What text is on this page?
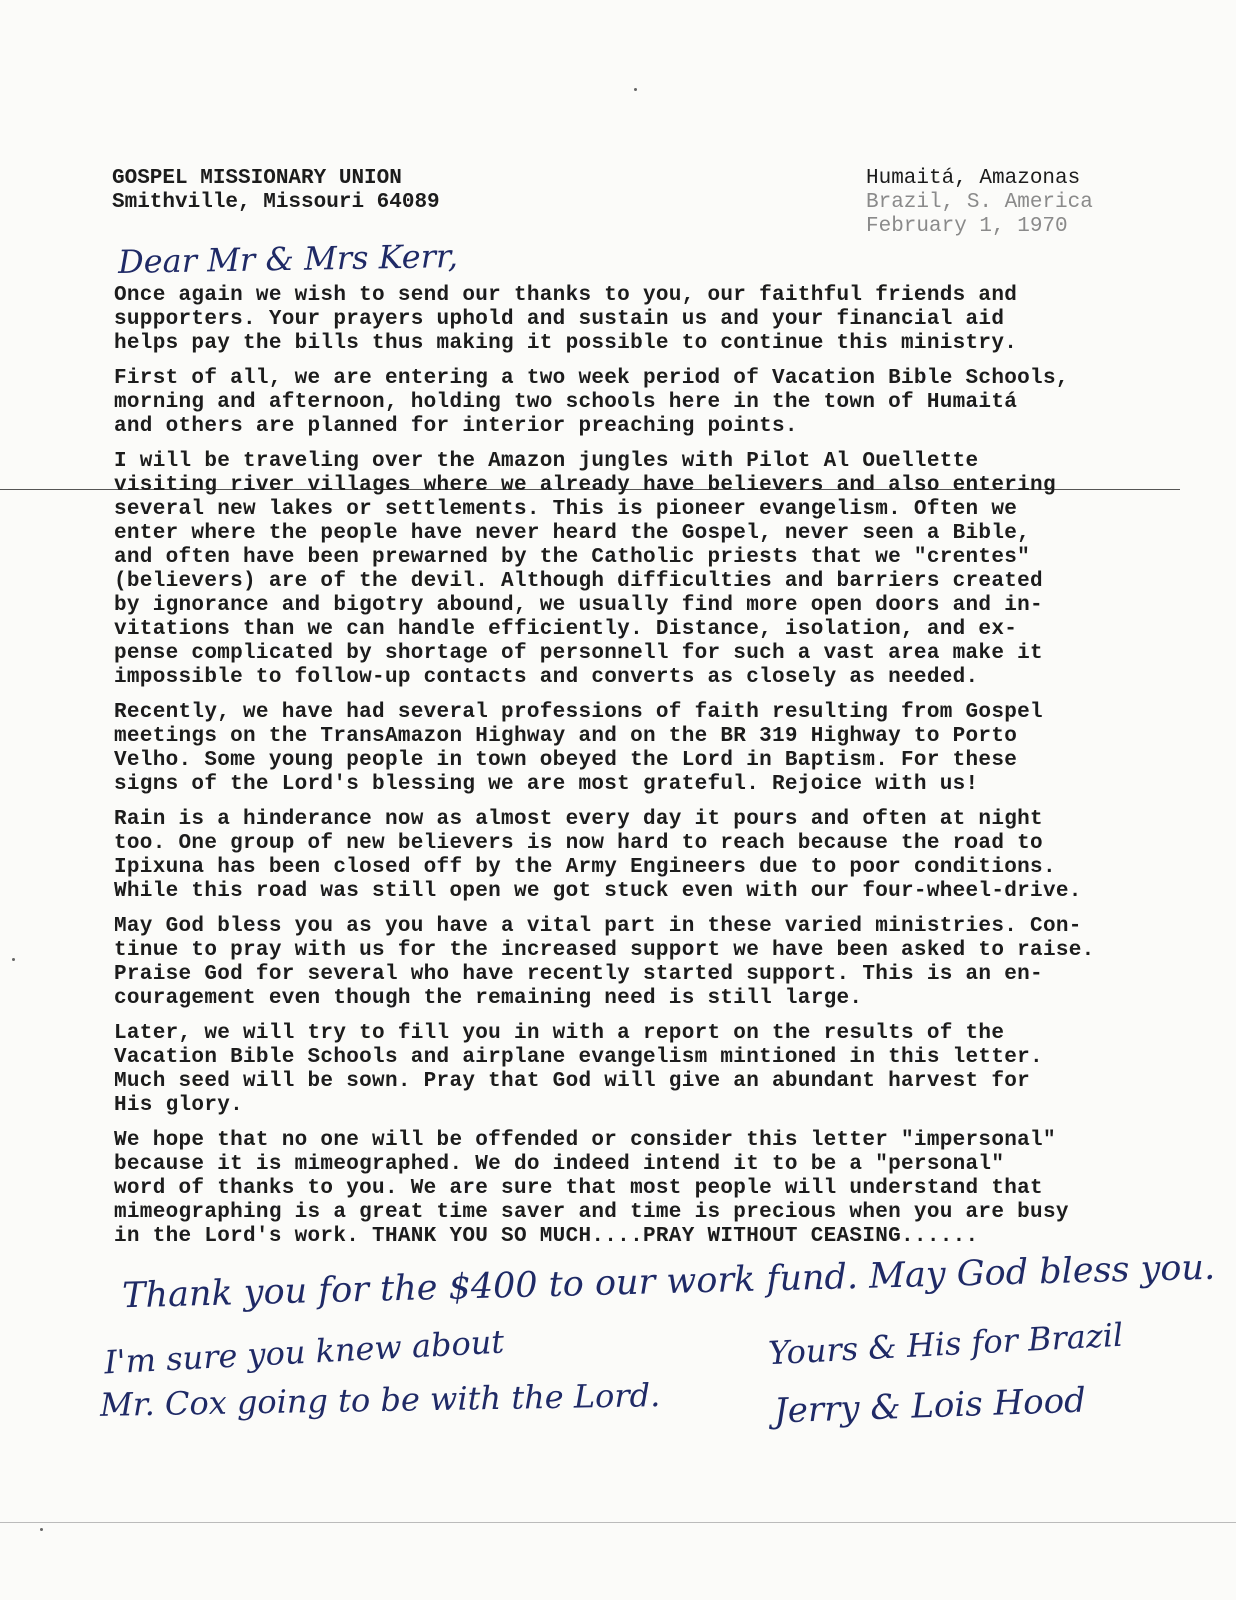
GOSPEL MISSIONARY UNION
Smithville, Missouri 64089
Humaitá, Amazonas
Brazil, S. America
February 1, 1970
Dear Mr & Mrs Kerr,

Once again we wish to send our thanks to you, our faithful friends and
supporters. Your prayers uphold and sustain us and your financial aid
helps pay the bills thus making it possible to continue this ministry.

First of all, we are entering a two week period of Vacation Bible Schools,
morning and afternoon, holding two schools here in the town of Humaitá
and others are planned for interior preaching points.

I will be traveling over the Amazon jungles with Pilot Al Ouellette
visiting river villages where we already have believers and also entering
several new lakes or settlements. This is pioneer evangelism. Often we
enter where the people have never heard the Gospel, never seen a Bible,
and often have been prewarned by the Catholic priests that we "crentes"
(believers) are of the devil. Although difficulties and barriers created
by ignorance and bigotry abound, we usually find more open doors and in-
vitations than we can handle efficiently. Distance, isolation, and ex-
pense complicated by shortage of personnell for such a vast area make it
impossible to follow-up contacts and converts as closely as needed.

Recently, we have had several professions of faith resulting from Gospel
meetings on the TransAmazon Highway and on the BR 319 Highway to Porto
Velho. Some young people in town obeyed the Lord in Baptism. For these
signs of the Lord's blessing we are most grateful. Rejoice with us!

Rain is a hinderance now as almost every day it pours and often at night
too. One group of new believers is now hard to reach because the road to
Ipixuna has been closed off by the Army Engineers due to poor conditions.
While this road was still open we got stuck even with our four-wheel-drive.

May God bless you as you have a vital part in these varied ministries. Con-
tinue to pray with us for the increased support we have been asked to raise.
Praise God for several who have recently started support. This is an en-
couragement even though the remaining need is still large.

Later, we will try to fill you in with a report on the results of the
Vacation Bible Schools and airplane evangelism mintioned in this letter.
Much seed will be sown. Pray that God will give an abundant harvest for
His glory.

We hope that no one will be offended or consider this letter "impersonal"
because it is mimeographed. We do indeed intend it to be a "personal"
word of thanks to you. We are sure that most people will understand that
mimeographing is a great time saver and time is precious when you are busy
in the Lord's work. THANK YOU SO MUCH....PRAY WITHOUT CEASING......

Thank you for the $400 to our work fund. May God bless you.
I'm sure you knew about
Mr. Cox going to be with the Lord.
Yours & His for Brazil
Jerry & Lois Hood
